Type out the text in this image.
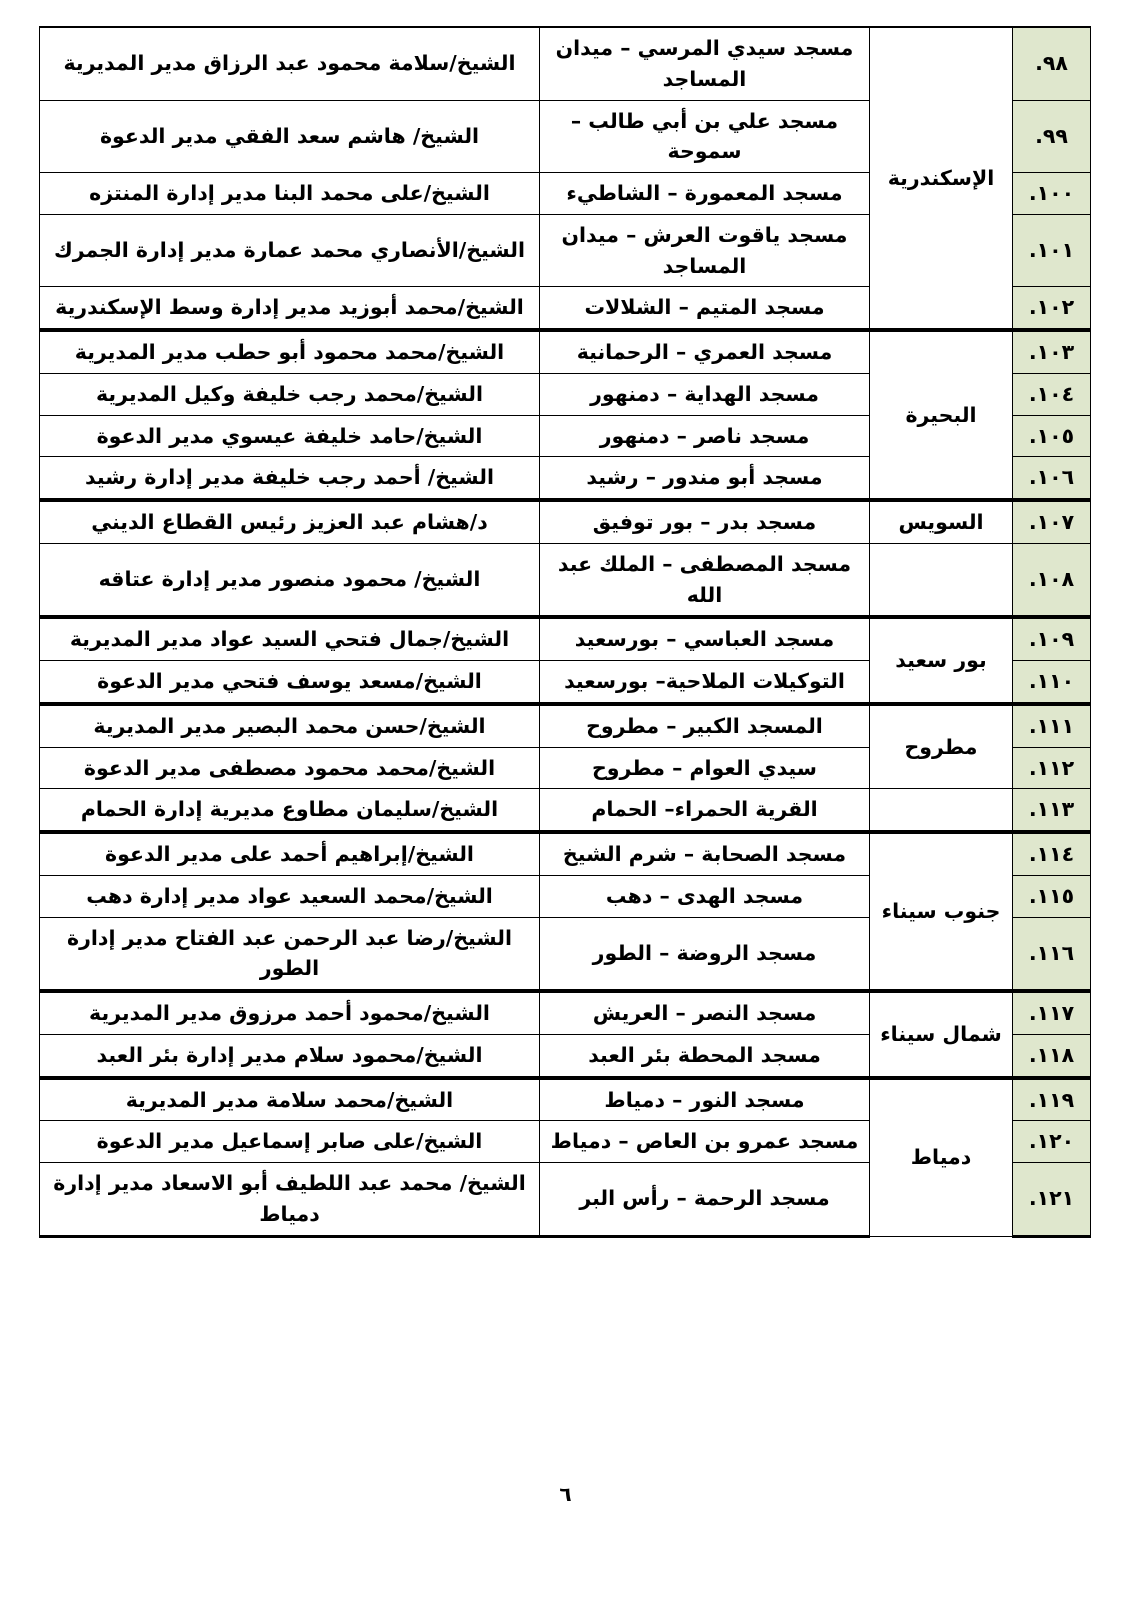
٩٨.	الإسكندرية	مسجد سيدي المرسي – ميدان المساجد	الشيخ/سلامة محمود عبد الرزاق مدير المديرية
٩٩.		مسجد علي بن أبي طالب – سموحة	الشيخ/ هاشم سعد الفقي مدير الدعوة
١٠٠.		مسجد المعمورة – الشاطيء	الشيخ/على محمد البنا مدير إدارة المنتزه
١٠١.		مسجد ياقوت العرش – ميدان المساجد	الشيخ/الأنصاري محمد عمارة مدير إدارة الجمرك
١٠٢.		مسجد المتيم – الشلالات	الشيخ/محمد أبوزيد مدير إدارة وسط الإسكندرية
١٠٣.	البحيرة	مسجد العمري – الرحمانية	الشيخ/محمد محمود أبو حطب مدير المديرية
١٠٤.		مسجد الهداية – دمنهور	الشيخ/محمد رجب خليفة وكيل المديرية
١٠٥.		مسجد ناصر – دمنهور	الشيخ/حامد خليفة عيسوي مدير الدعوة
١٠٦.		مسجد أبو مندور – رشيد	الشيخ/ أحمد رجب خليفة مدير إدارة رشيد
١٠٧.	السويس	مسجد بدر – بور توفيق	د/هشام عبد العزيز رئيس القطاع الديني
١٠٨.		مسجد المصطفى – الملك عبد الله	الشيخ/ محمود منصور مدير إدارة عتاقه
١٠٩.	بور سعيد	مسجد العباسي – بورسعيد	الشيخ/جمال فتحي السيد عواد مدير المديرية
١١٠.		التوكيلات الملاحية– بورسعيد	الشيخ/مسعد يوسف فتحي مدير الدعوة
١١١.	مطروح	المسجد الكبير – مطروح	الشيخ/حسن محمد البصير مدير المديرية
١١٢.		سيدي العوام – مطروح	الشيخ/محمد محمود مصطفى مدير الدعوة
١١٣.		القرية الحمراء– الحمام	الشيخ/سليمان مطاوع مديرية إدارة الحمام
١١٤.	جنوب سيناء	مسجد الصحابة – شرم الشيخ	الشيخ/إبراهيم أحمد على مدير الدعوة
١١٥.		مسجد الهدى – دهب	الشيخ/محمد السعيد عواد مدير إدارة دهب
١١٦.		مسجد الروضة – الطور	الشيخ/رضا عبد الرحمن عبد الفتاح مدير إدارة الطور
١١٧.	شمال سيناء	مسجد النصر – العريش	الشيخ/محمود أحمد مرزوق مدير المديرية
١١٨.		مسجد المحطة بئر العبد	الشيخ/محمود سلام مدير إدارة بئر العبد
١١٩.	دمياط	مسجد النور – دمياط	الشيخ/محمد سلامة مدير المديرية
١٢٠.		مسجد عمرو بن العاص – دمياط	الشيخ/على صابر إسماعيل مدير الدعوة
١٢١.		مسجد الرحمة – رأس البر	الشيخ/ محمد عبد اللطيف أبو الاسعاد مدير إدارة دمياط
٦
